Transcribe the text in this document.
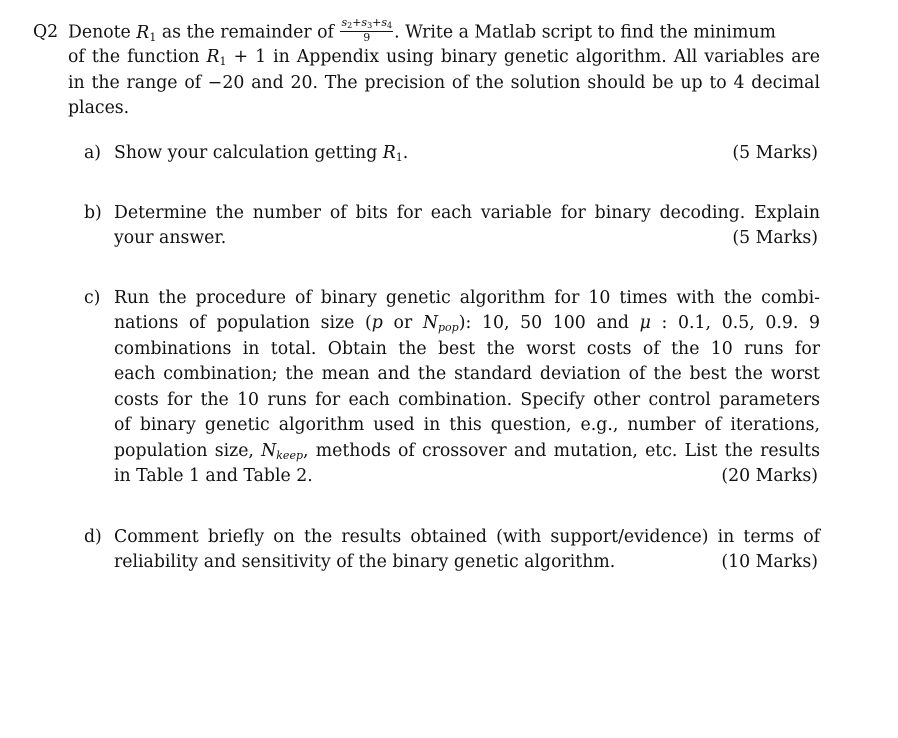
Q2 Denote $R_1$ as the remainder of $\frac{s_2+s_3+s_4}{9}$ . Write a Matlab script to find the minimum
of the function $R_1 + 1$ in Appendix using binary genetic algorithm. All variables are
in the range of −20 and 20. The precision of the solution should be up to 4 decimal
places.
a) Show your calculation getting $R_1$.	(5 Marks)
b) Determine the number of bits for each variable for binary decoding. Explain
your answer.	(5 Marks)
c) Run the procedure of binary genetic algorithm for 10 times with the combi-
nations of population size (p or $N_{pop}$): 10, 50 100 and μ : 0.1, 0.5, 0.9. 9
combinations in total. Obtain the best the worst costs of the 10 runs for
each combination; the mean and the standard deviation of the best the worst
costs for the 10 runs for each combination. Specify other control parameters
of binary genetic algorithm used in this question, e.g., number of iterations,
population size, $N_{keep}$, methods of crossover and mutation, etc. List the results
in Table 1 and Table 2.	(20 Marks)
d) Comment briefly on the results obtained (with support/evidence) in terms of
reliability and sensitivity of the binary genetic algorithm.	(10 Marks)
